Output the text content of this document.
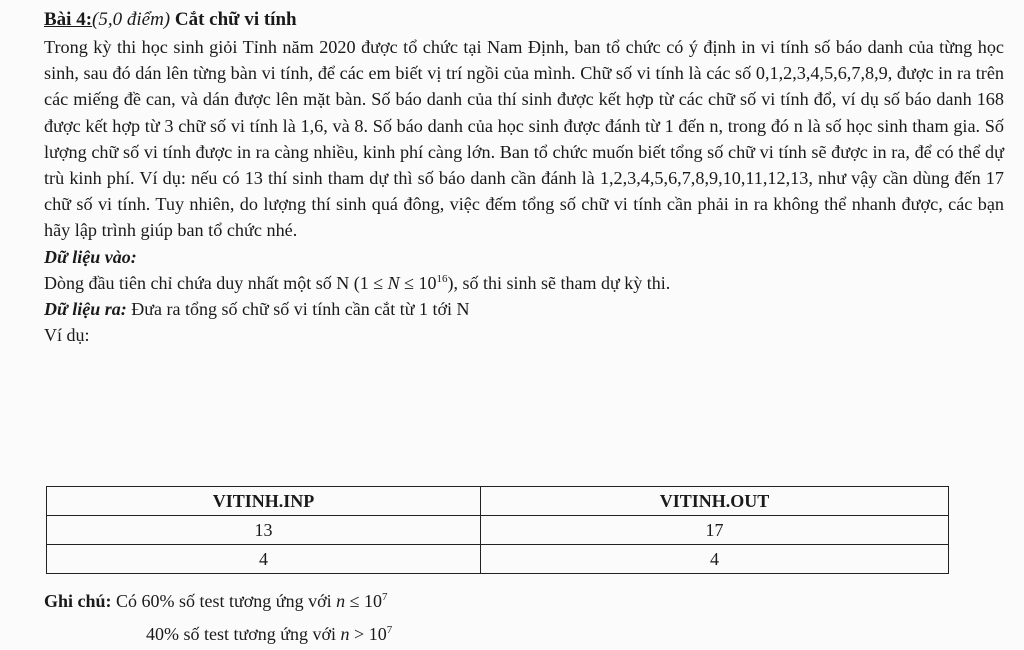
Bài 4:(5,0 điểm) Cắt chữ vi tính

Trong kỳ thi học sinh giỏi Tỉnh năm 2020 được tổ chức tại Nam Định, ban tổ chức có ý định in vi tính số báo danh của từng học sinh, sau đó dán lên từng bàn vi tính, để các em biết vị trí ngồi của mình. Chữ số vi tính là các số 0,1,2,3,4,5,6,7,8,9, được in ra trên các miếng đề can, và dán được lên mặt bàn. Số báo danh của thí sinh được kết hợp từ các chữ số vi tính đổ, ví dụ số báo danh 168 được kết hợp từ 3 chữ số vi tính là 1,6, và 8. Số báo danh của học sinh được đánh từ 1 đến n, trong đó n là số học sinh tham gia. Số lượng chữ số vi tính được in ra càng nhiều, kinh phí càng lớn. Ban tổ chức muốn biết tổng số chữ vi tính sẽ được in ra, để có thể dự trù kinh phí. Ví dụ: nếu có 13 thí sinh tham dự thì số báo danh cần đánh là 1,2,3,4,5,6,7,8,9,10,11,12,13, như vậy cần dùng đến 17 chữ số vi tính. Tuy nhiên, do lượng thí sinh quá đông, việc đếm tổng số chữ vi tính cần phải in ra không thể nhanh được, các bạn hãy lập trình giúp ban tổ chức nhé.

Dữ liệu vào:
Dòng đầu tiên chỉ chứa duy nhất một số N $(1 \le N \le 10^{16})$, số thi sinh sẽ tham dự kỳ thi.
Dữ liệu ra: Đưa ra tổng số chữ số vi tính cần cắt từ 1 tới N
Ví dụ:
VITINH.INP	VITINH.OUT
13	17
4	4
Ghi chú: Có 60% số test tương ứng với $n \le 10^7$
40% số test tương ứng với $n > 10^7$
